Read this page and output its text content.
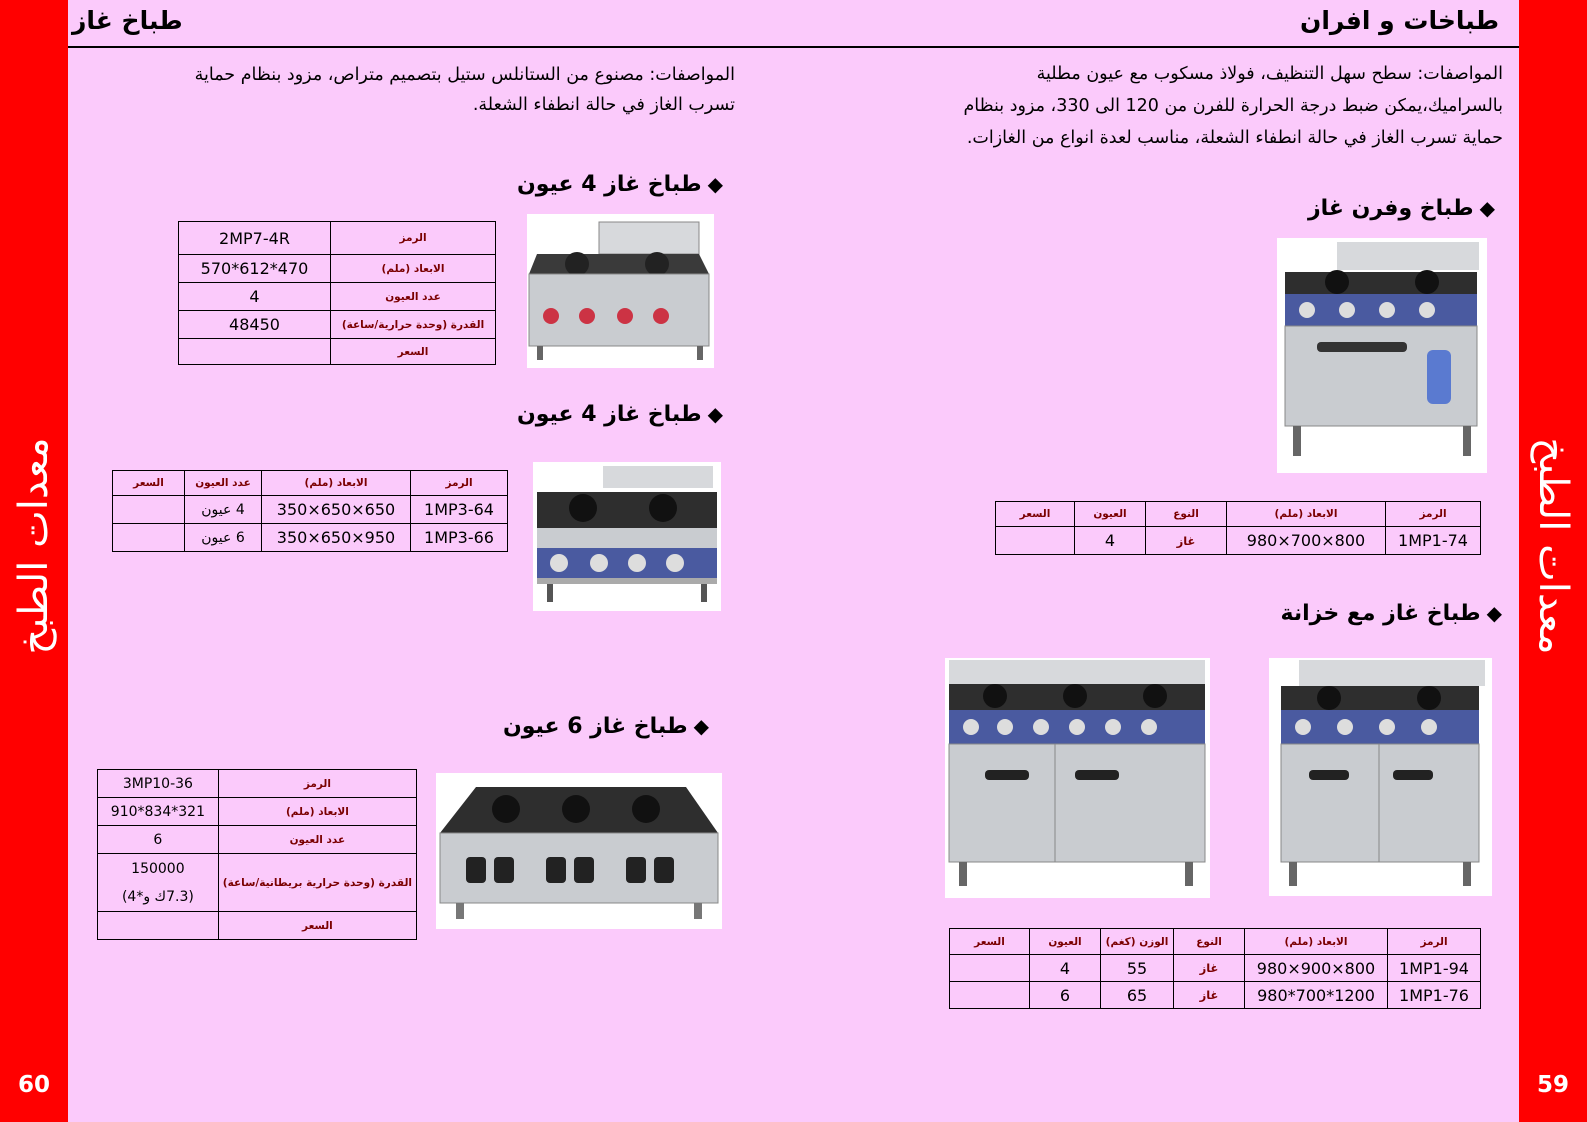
معدات الطبخ
60
معدات الطبخ
59
طباخ غاز	طباخات و افران
المواصفات: مصنوع من الستانلس ستيل بتصميم متراص، مزود بنظام حماية
تسرب الغاز في حالة انطفاء الشعلة.
المواصفات: سطح سهل التنظيف، فولاذ مسكوب مع عيون مطلية
بالسراميك،يمكن ضبط درجة الحرارة للفرن من 120 الى 330، مزود بنظام
حماية تسرب الغاز في حالة انطفاء الشعلة، مناسب لعدة انواع من الغازات.
◆طباخ غاز 4 عيون
الرمز	2MP7-4R
الابعاد (ملم)	470*612*570
عدد العيون	4
القدرة (وحدة حرارية/ساعة)	48450
السعر	
◆طباخ غاز 4 عيون
الرمز	الابعاد (ملم)	عدد العيون	السعر
1MP3-64	650×650×350	4 عيون	
1MP3-66	950×650×350	6 عيون	
◆طباخ غاز 6 عيون
الرمز	3MP10-36
الابعاد (ملم)	321*834*910
عدد العيون	6
القدرة (وحدة حرارية بريطانية/ساعة)	150000
(7.3ك و*4)

السعر	
◆طباخ وفرن غاز
الرمز	الابعاد (ملم)	النوع	العيون	السعر
1MP1-74	800×700×980	غاز	4	
◆طباخ غاز مع خزانة
الرمز	الابعاد (ملم)	النوع	الوزن (كغم)	العيون	السعر
1MP1-94	800×900×980	غاز	55	4	
1MP1-76	1200*700*980	غاز	65	6	
